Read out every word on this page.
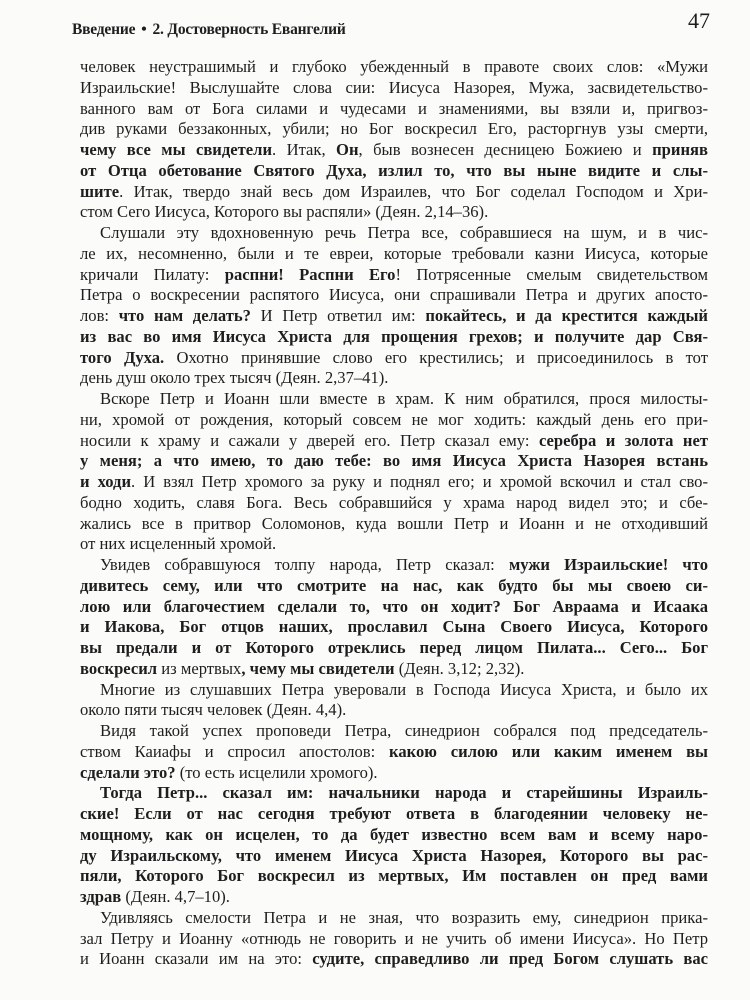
Введение • 2. Достоверность Евангелий	47
человек неустрашимый и глубоко убежденный в правоте своих слов: «Мужи
Израильские! Выслушайте слова сии: Иисуса Назорея, Мужа, засвидетельство-
ванного вам от Бога силами и чудесами и знамениями, вы взяли и, пригвоз-
див руками беззаконных, убили; но Бог воскресил Его, расторгнув узы смерти,
чему все мы свидетели. Итак, Он, быв вознесен десницею Божиею и приняв
от Отца обетование Святого Духа, излил то, что вы ныне видите и слы-
шите. Итак, твердо знай весь дом Израилев, что Бог соделал Господом и Хри-
стом Сего Иисуса, Которого вы распяли» (Деян. 2,14–36).
Слушали эту вдохновенную речь Петра все, собравшиеся на шум, и в чис-
ле их, несомненно, были и те евреи, которые требовали казни Иисуса, которые
кричали Пилату: распни! Распни Его! Потрясенные смелым свидетельством
Петра о воскресении распятого Иисуса, они спрашивали Петра и других апосто-
лов: что нам делать? И Петр ответил им: покайтесь, и да крестится каждый
из вас во имя Иисуса Христа для прощения грехов; и получите дар Свя-
того Духа. Охотно принявшие слово его крестились; и присоединилось в тот
день душ около трех тысяч (Деян. 2,37–41).
Вскоре Петр и Иоанн шли вместе в храм. К ним обратился, прося милосты-
ни, хромой от рождения, который совсем не мог ходить: каждый день его при-
носили к храму и сажали у дверей его. Петр сказал ему: серебра и золота нет
у меня; а что имею, то даю тебе: во имя Иисуса Христа Назорея встань
и ходи. И взял Петр хромого за руку и поднял его; и хромой вскочил и стал сво-
бодно ходить, славя Бога. Весь собравшийся у храма народ видел это; и сбе-
жались все в притвор Соломонов, куда вошли Петр и Иоанн и не отходивший
от них исцеленный хромой.
Увидев собравшуюся толпу народа, Петр сказал: мужи Израильские! что
дивитесь сему, или что смотрите на нас, как будто бы мы своею си-
лою или благочестием сделали то, что он ходит? Бог Авраама и Исаака
и Иакова, Бог отцов наших, прославил Сына Своего Иисуса, Которого
вы предали и от Которого отреклись перед лицом Пилата... Сего... Бог
воскресил из мертвых, чему мы свидетели (Деян. 3,12; 2,32).
Многие из слушавших Петра уверовали в Господа Иисуса Христа, и было их
около пяти тысяч человек (Деян. 4,4).
Видя такой успех проповеди Петра, синедрион собрался под председатель-
ством Каиафы и спросил апостолов: какою силою или каким именем вы
сделали это? (то есть исцелили хромого).
Тогда Петр... сказал им: начальники народа и старейшины Израиль-
ские! Если от нас сегодня требуют ответа в благодеянии человеку не-
мощному, как он исцелен, то да будет известно всем вам и всему наро-
ду Израильскому, что именем Иисуса Христа Назорея, Которого вы рас-
пяли, Которого Бог воскресил из мертвых, Им поставлен он пред вами
здрав (Деян. 4,7–10).
Удивляясь смелости Петра и не зная, что возразить ему, синедрион прика-
зал Петру и Иоанну «отнюдь не говорить и не учить об имени Иисуса». Но Петр
и Иоанн сказали им на это: судите, справедливо ли пред Богом слушать вас
